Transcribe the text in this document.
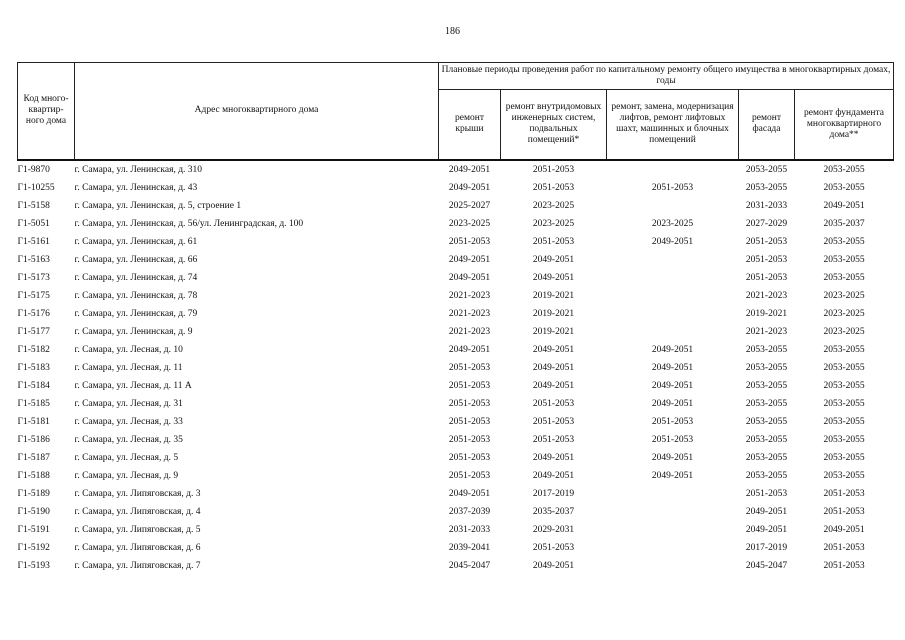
186
Код много-квартир-ного дома	Адрес многоквартирного дома	Плановые периоды проведения работ по капитальному ремонту общего имущества в многоквартирных домах, годы				
		ремонт крыши	ремонт внутридомовых инженерных систем, подвальных помещений*	ремонт, замена, модернизация лифтов, ремонт лифтовых шахт, машинных и блочных помещений	ремонт фасада	ремонт фундамента многоквартирного дома**
Г1-9870	г. Самара, ул. Ленинская, д. 310	2049-2051	2051-2053		2053-2055	2053-2055
Г1-10255	г. Самара, ул. Ленинская, д. 43	2049-2051	2051-2053	2051-2053	2053-2055	2053-2055
Г1-5158	г. Самара, ул. Ленинская, д. 5, строение 1	2025-2027	2023-2025		2031-2033	2049-2051
Г1-5051	г. Самара, ул. Ленинская, д. 56/ул. Ленинградская, д. 100	2023-2025	2023-2025	2023-2025	2027-2029	2035-2037
Г1-5161	г. Самара, ул. Ленинская, д. 61	2051-2053	2051-2053	2049-2051	2051-2053	2053-2055
Г1-5163	г. Самара, ул. Ленинская, д. 66	2049-2051	2049-2051		2051-2053	2053-2055
Г1-5173	г. Самара, ул. Ленинская, д. 74	2049-2051	2049-2051		2051-2053	2053-2055
Г1-5175	г. Самара, ул. Ленинская, д. 78	2021-2023	2019-2021		2021-2023	2023-2025
Г1-5176	г. Самара, ул. Ленинская, д. 79	2021-2023	2019-2021		2019-2021	2023-2025
Г1-5177	г. Самара, ул. Ленинская, д. 9	2021-2023	2019-2021		2021-2023	2023-2025
Г1-5182	г. Самара, ул. Лесная, д. 10	2049-2051	2049-2051	2049-2051	2053-2055	2053-2055
Г1-5183	г. Самара, ул. Лесная, д. 11	2051-2053	2049-2051	2049-2051	2053-2055	2053-2055
Г1-5184	г. Самара, ул. Лесная, д. 11 А	2051-2053	2049-2051	2049-2051	2053-2055	2053-2055
Г1-5185	г. Самара, ул. Лесная, д. 31	2051-2053	2051-2053	2049-2051	2053-2055	2053-2055
Г1-5181	г. Самара, ул. Лесная, д. 33	2051-2053	2051-2053	2051-2053	2053-2055	2053-2055
Г1-5186	г. Самара, ул. Лесная, д. 35	2051-2053	2051-2053	2051-2053	2053-2055	2053-2055
Г1-5187	г. Самара, ул. Лесная, д. 5	2051-2053	2049-2051	2049-2051	2053-2055	2053-2055
Г1-5188	г. Самара, ул. Лесная, д. 9	2051-2053	2049-2051	2049-2051	2053-2055	2053-2055
Г1-5189	г. Самара, ул. Липяговская, д. 3	2049-2051	2017-2019		2051-2053	2051-2053
Г1-5190	г. Самара, ул. Липяговская, д. 4	2037-2039	2035-2037		2049-2051	2051-2053
Г1-5191	г. Самара, ул. Липяговская, д. 5	2031-2033	2029-2031		2049-2051	2049-2051
Г1-5192	г. Самара, ул. Липяговская, д. 6	2039-2041	2051-2053		2017-2019	2051-2053
Г1-5193	г. Самара, ул. Липяговская, д. 7	2045-2047	2049-2051		2045-2047	2051-2053
